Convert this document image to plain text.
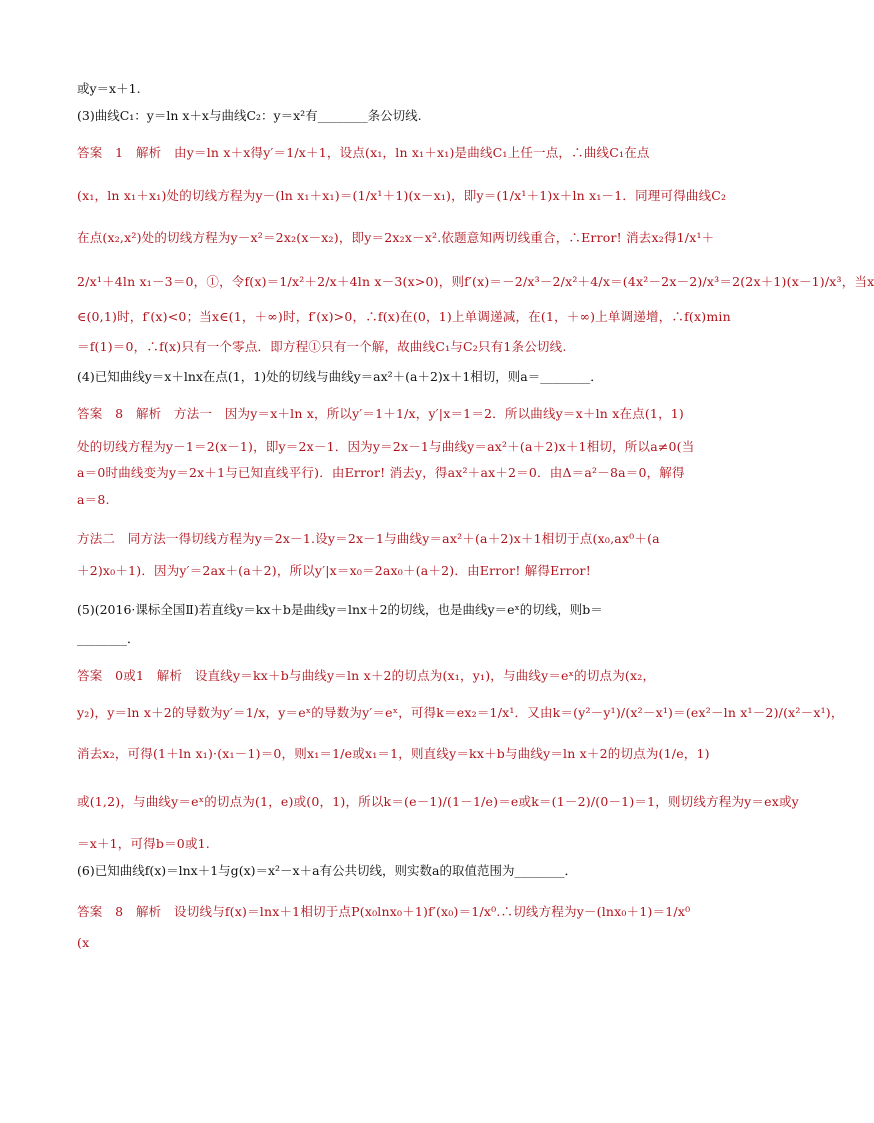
或y＝x＋1.
(3)曲线C₁：y＝ln x＋x与曲线C₂：y＝x²有________条公切线.
答案　1　解析　由y＝ln x＋x得y′＝1/x＋1，设点(x₁，ln x₁＋x₁)是曲线C₁上任一点，∴曲线C₁在点
(x₁，ln x₁＋x₁)处的切线方程为y－(ln x₁＋x₁)＝(1/x¹＋1)(x－x₁)，即y＝(1/x¹＋1)x＋ln x₁－1．同理可得曲线C₂
在点(x₂,x²)处的切线方程为y－x²＝2x₂(x－x₂)，即y＝2x₂x－x².依题意知两切线重合，∴Error! 消去x₂得1/x¹＋
2/x¹＋4ln x₁－3＝0，①，令f(x)＝1/x²＋2/x＋4ln x－3(x>0)，则f′(x)＝－2/x³－2/x²＋4/x＝(4x²－2x－2)/x³＝2(2x＋1)(x－1)/x³，当x
∈(0,1)时，f′(x)<0；当x∈(1，＋∞)时，f′(x)>0，∴f(x)在(0，1)上单调递减，在(1，＋∞)上单调递增，∴f(x)min
＝f(1)＝0，∴f(x)只有一个零点．即方程①只有一个解，故曲线C₁与C₂只有1条公切线.
(4)已知曲线y＝x＋lnx在点(1，1)处的切线与曲线y＝ax²＋(a＋2)x＋1相切，则a＝________．
答案　8　解析　方法一　因为y＝x＋ln x，所以y′＝1＋1/x，y′|x＝1＝2．所以曲线y＝x＋ln x在点(1，1)
处的切线方程为y－1＝2(x－1)，即y＝2x－1．因为y＝2x－1与曲线y＝ax²＋(a＋2)x＋1相切，所以a≠0(当
a＝0时曲线变为y＝2x＋1与已知直线平行)．由Error! 消去y，得ax²＋ax＋2＝0．由Δ＝a²－8a＝0，解得
a＝8.
方法二　同方法一得切线方程为y＝2x－1.设y＝2x－1与曲线y＝ax²＋(a＋2)x＋1相切于点(x₀,ax⁰＋(a
＋2)x₀＋1)．因为y′＝2ax＋(a＋2)，所以y′|x＝x₀＝2ax₀＋(a＋2)．由Error! 解得Error!
(5)(2016·课标全国Ⅱ)若直线y＝kx＋b是曲线y＝lnx＋2的切线，也是曲线y＝eˣ的切线，则b＝
________．
答案　0或1　解析　设直线y＝kx＋b与曲线y＝ln x＋2的切点为(x₁，y₁)，与曲线y＝eˣ的切点为(x₂，
y₂)，y＝ln x＋2的导数为y′＝1/x，y＝eˣ的导数为y′＝eˣ，可得k＝ex₂＝1/x¹．又由k＝(y²－y¹)/(x²－x¹)＝(ex²－ln x¹－2)/(x²－x¹)，
消去x₂，可得(1＋ln x₁)·(x₁－1)＝0，则x₁＝1/e或x₁＝1，则直线y＝kx＋b与曲线y＝ln x＋2的切点为(1/e，1)
或(1,2)，与曲线y＝eˣ的切点为(1，e)或(0，1)，所以k＝(e－1)/(1－1/e)＝e或k＝(1－2)/(0－1)＝1，则切线方程为y＝ex或y
＝x＋1，可得b＝0或1.
(6)已知曲线f(x)＝lnx＋1与g(x)＝x²－x＋a有公共切线，则实数a的取值范围为________．
答案　8　解析　设切线与f(x)＝lnx＋1相切于点P(x₀lnx₀＋1)f′(x₀)＝1/x⁰.∴切线方程为y－(lnx₀＋1)＝1/x⁰
(x
